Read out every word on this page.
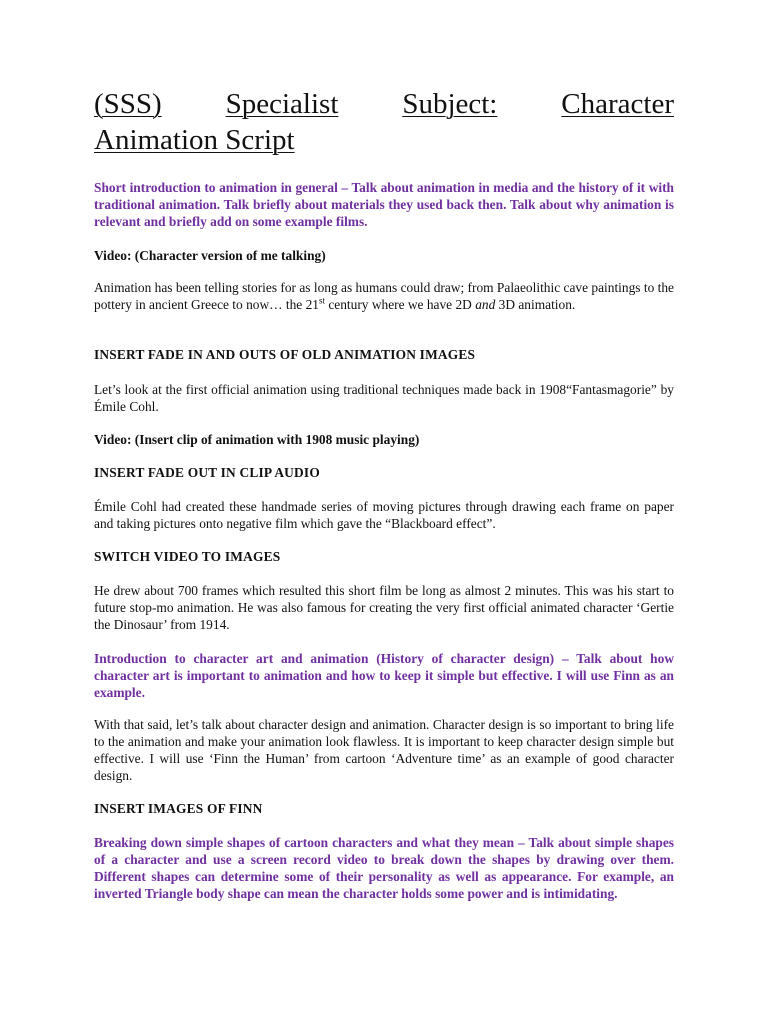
(SSS) Specialist Subject: Character
Animation Script

Short introduction to animation in general – Talk about animation in media and the history of it with traditional animation. Talk briefly about materials they used back then. Talk about why animation is relevant and briefly add on some example films.

Video: (Character version of me talking)

Animation has been telling stories for as long as humans could draw; from Palaeolithic cave paintings to the pottery in ancient Greece to now… the 21st century where we have 2D and 3D animation.

INSERT FADE IN AND OUTS OF OLD ANIMATION IMAGES

Let’s look at the first official animation using traditional techniques made back in 1908“Fantasmagorie” by Émile Cohl.

Video: (Insert clip of animation with 1908 music playing)

INSERT FADE OUT IN CLIP AUDIO

Émile Cohl had created these handmade series of moving pictures through drawing each frame on paper and taking pictures onto negative film which gave the “Blackboard effect”.

SWITCH VIDEO TO IMAGES

He drew about 700 frames which resulted this short film be long as almost 2 minutes. This was his start to future stop-mo animation. He was also famous for creating the very first official animated character ‘Gertie the Dinosaur’ from 1914.

Introduction to character art and animation (History of character design) – Talk about how character art is important to animation and how to keep it simple but effective. I will use Finn as an example.

With that said, let’s talk about character design and animation. Character design is so important to bring life to the animation and make your animation look flawless. It is important to keep character design simple but effective. I will use ‘Finn the Human’ from cartoon ‘Adventure time’ as an example of good character design.

INSERT IMAGES OF FINN

Breaking down simple shapes of cartoon characters and what they mean – Talk about simple shapes of a character and use a screen record video to break down the shapes by drawing over them. Different shapes can determine some of their personality as well as appearance. For example, an inverted Triangle body shape can mean the character holds some power and is intimidating.
